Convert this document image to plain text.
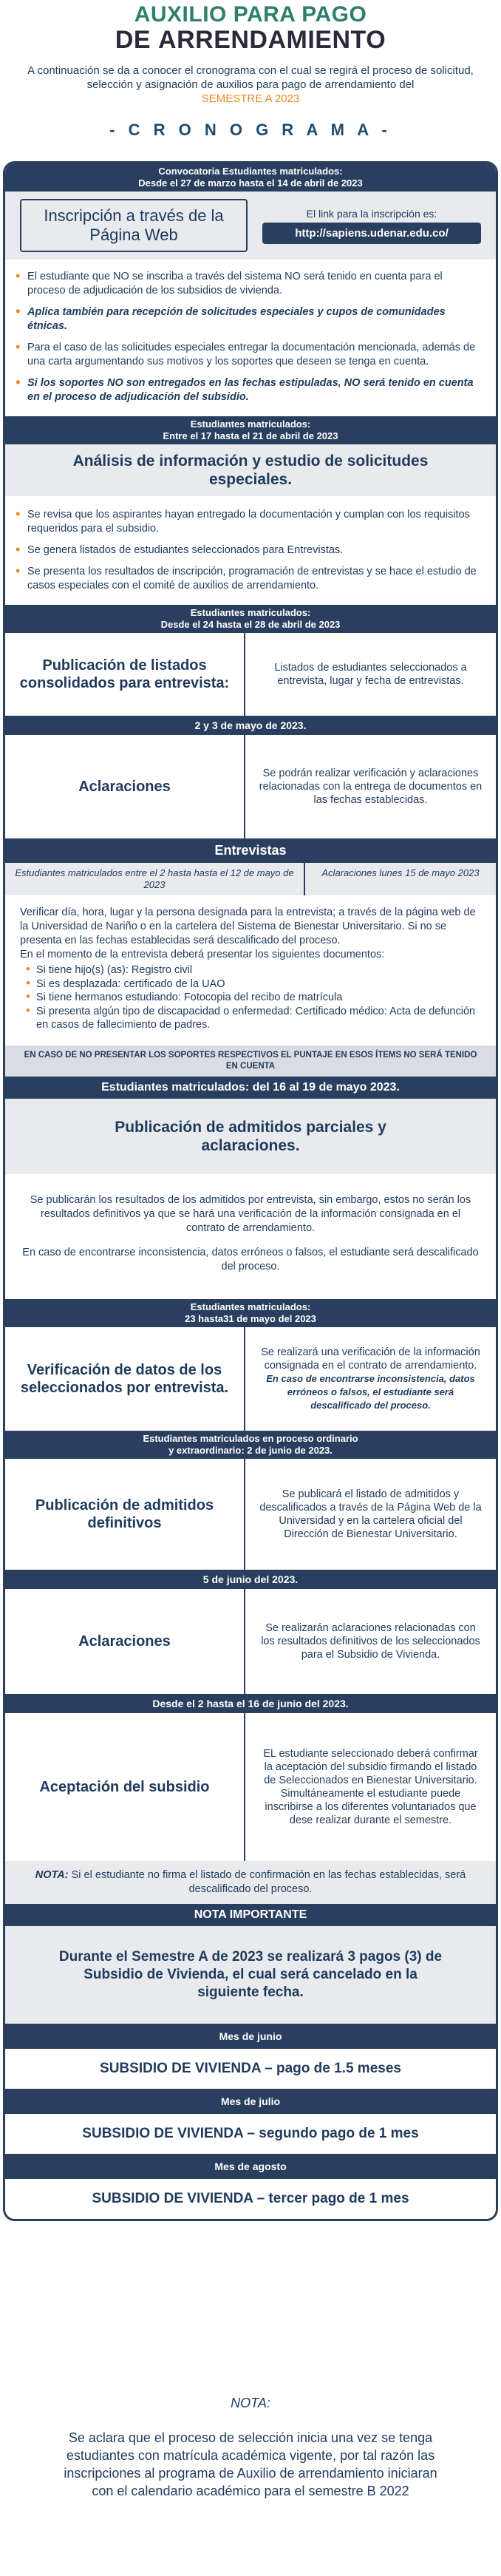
AUXILIO PARA PAGO
DE ARRENDAMIENTO
A continuación se da a conocer el cronograma con el cual se regirá el proceso de solicitud, selección y asignación de auxilios para pago de arrendamiento del
SEMESTRE A 2023
- C R O N O G R A M A -
Convocatoria Estudiantes matriculados:
Desde el 27 de marzo hasta el 14 de abril de 2023
Inscripción a través de la Página Web
El link para la inscripción es:
http://sapiens.udenar.edu.co/
• El estudiante que NO se inscriba a través del sistema NO será tenido en cuenta para el proceso de adjudicación de los subsidios de vivienda.
• Aplica también para recepción de solicitudes especiales y cupos de comunidades étnicas.
• Para el caso de las solicitudes especiales entregar la documentación mencionada, además de una carta argumentando sus motivos y los soportes que deseen se tenga en cuenta.
• Si los soportes NO son entregados en las fechas estipuladas, NO será tenido en cuenta en el proceso de adjudicación del subsidio.
Estudiantes matriculados:
Entre el 17 hasta el 21 de abril de 2023
Análisis de información y estudio de solicitudes especiales.
• Se revisa que los aspirantes hayan entregado la documentación y cumplan con los requisitos requeridos para el subsidio.
• Se genera listados de estudiantes seleccionados para Entrevistas.
• Se presenta los resultados de inscripción, programación de entrevistas y se hace el estudio de casos especiales con el comité de auxilios de arrendamiento.
Estudiantes matriculados:
Desde el 24 hasta el 28 de abril de 2023
Publicación de listados consolidados para entrevista:
Listados de estudiantes seleccionados a entrevista, lugar y fecha de entrevistas.
2 y 3 de mayo de 2023.
Aclaraciones
Se podrán realizar verificación y aclaraciones relacionadas con la entrega de documentos en las fechas establecidas.
Entrevistas
Estudiantes matriculados entre el 2 hasta hasta el 12 de mayo de 2023
Aclaraciones lunes 15 de mayo 2023
Verificar día, hora, lugar y la persona designada para la entrevista; a través de la página web de la Universidad de Nariño o en la cartelera del Sistema de Bienestar Universitario. Si no se presenta en las fechas establecidas será descalificado del proceso.
En el momento de la entrevista deberá presentar los siguientes documentos:
• Si tiene hijo(s) (as): Registro civil
• Si es desplazada: certificado de la UAO
• Si tiene hermanos estudiando: Fotocopia del recibo de matrícula
• Si presenta algún tipo de discapacidad o enfermedad: Certificado médico: Acta de defunción en casos de fallecimiento de padres.
EN CASO DE NO PRESENTAR LOS SOPORTES RESPECTIVOS EL PUNTAJE EN ESOS ÍTEMS NO SERÁ TENIDO EN CUENTA
Estudiantes matriculados: del 16 al 19 de mayo 2023.
Publicación de admitidos parciales y aclaraciones.
Se publicarán los resultados de los admitidos por entrevista, sin embargo, estos no serán los resultados definitivos ya que se hará una verificación de la información consignada en el contrato de arrendamiento.
En caso de encontrarse inconsistencia, datos erróneos o falsos, el estudiante será descalificado del proceso.
Estudiantes matriculados:
23 hasta31 de mayo del 2023
Verificación de datos de los seleccionados por entrevista.
Se realizará una verificación de la información consignada en el contrato de arrendamiento. En caso de encontrarse inconsistencia, datos erróneos o falsos, el estudiante será descalificado del proceso.
Estudiantes matriculados en proceso ordinario
y extraordinario: 2 de junio de 2023.
Publicación de admitidos definitivos
Se publicará el listado de admitidos y descalificados a través de la Página Web de la Universidad y en la cartelera oficial del Dirección de Bienestar Universitario.
5 de junio del 2023.
Aclaraciones
Se realizarán aclaraciones relacionadas con los resultados definitivos de los seleccionados para el Subsidio de Vivienda.
Desde el 2 hasta el 16 de junio del 2023.
Aceptación del subsidio
EL estudiante seleccionado deberá confirmar la aceptación del subsidio firmando el listado de Seleccionados en Bienestar Universitario. Simultáneamente el estudiante puede inscribirse a los diferentes voluntariados que dese realizar durante el semestre.
NOTA: Si el estudiante no firma el listado de confirmación en las fechas establecidas, será descalificado del proceso.
NOTA IMPORTANTE
Durante el Semestre A de 2023 se realizará 3 pagos (3) de Subsidio de Vivienda, el cual será cancelado en la siguiente fecha.
Mes de junio
SUBSIDIO DE VIVIENDA – pago de 1.5 meses
Mes de julio
SUBSIDIO DE VIVIENDA – segundo pago de 1 mes
Mes de agosto
SUBSIDIO DE VIVIENDA – tercer pago de 1 mes
NOTA:
Se aclara que el proceso de selección inicia una vez se tenga estudiantes con matrícula académica vigente, por tal razón las inscripciones al programa de Auxilio de arrendamiento iniciaran con el calendario académico para el semestre B 2022
